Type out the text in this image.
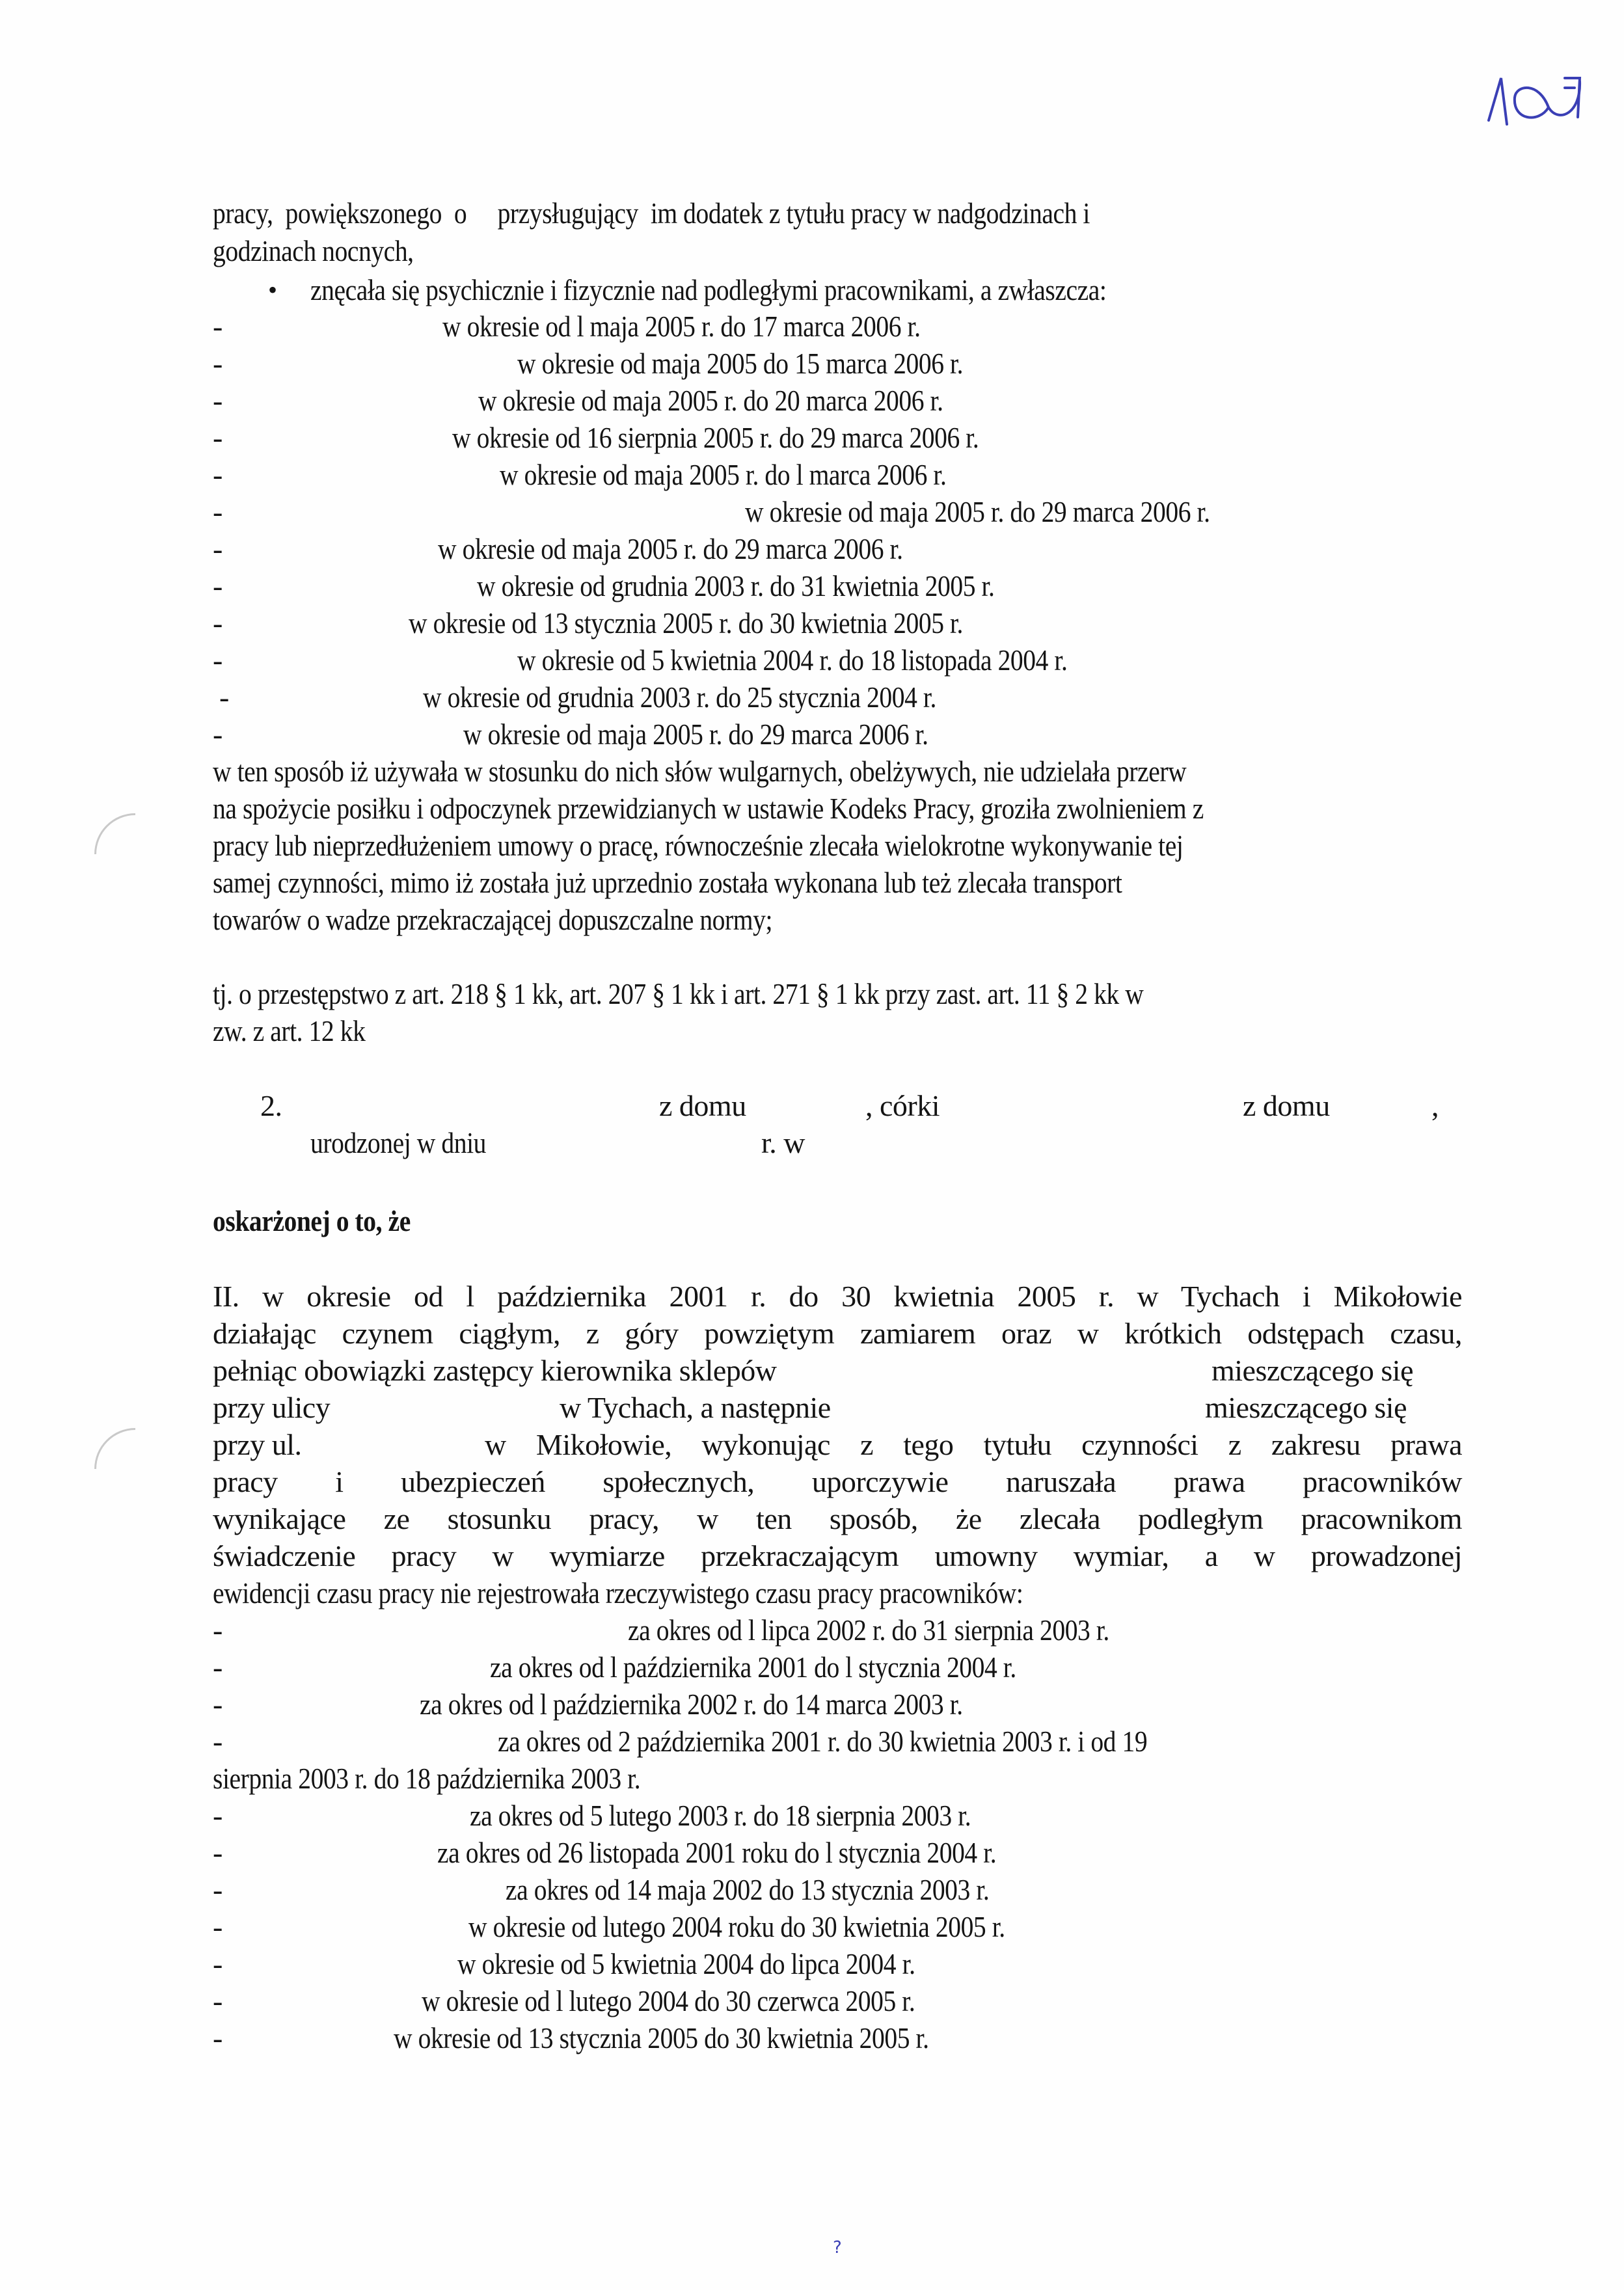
pracy,  powiększonego  o     przysługujący  im dodatek z tytułu pracy w nadgodzinach i
godzinach nocnych,
• znęcała się psychicznie i fizycznie nad podległymi pracownikami, a zwłaszcza:
-	w okresie od l maja 2005 r. do 17 marca 2006 r.
-	w okresie od maja 2005 do 15 marca 2006 r.
-	w okresie od maja 2005 r. do 20 marca 2006 r.
-	w okresie od 16 sierpnia 2005 r. do 29 marca 2006 r.
-	w okresie od maja 2005 r. do l marca 2006 r.
-	w okresie od maja 2005 r. do 29 marca 2006 r.
-	w okresie od maja 2005 r. do 29 marca 2006 r.
-	w okresie od grudnia 2003 r. do 31 kwietnia 2005 r.
-	w okresie od 13 stycznia 2005 r. do 30 kwietnia 2005 r.
-	w okresie od 5 kwietnia 2004 r. do 18 listopada 2004 r.
-	w okresie od grudnia 2003 r. do 25 stycznia 2004 r.
-	w okresie od maja 2005 r. do 29 marca 2006 r.
w ten sposób iż używała w stosunku do nich słów wulgarnych, obelżywych, nie udzielała przerw
na spożycie posiłku i odpoczynek przewidzianych w ustawie Kodeks Pracy, groziła zwolnieniem z
pracy lub nieprzedłużeniem umowy o pracę, równocześnie zlecała wielokrotne wykonywanie tej
samej czynności, mimo iż została już uprzednio została wykonana lub też zlecała transport
towarów o wadze przekraczającej dopuszczalne normy;
tj. o przestępstwo z art. 218 § 1 kk, art. 207 § 1 kk i art. 271 § 1 kk przy zast. art. 11 § 2 kk w
zw. z art. 12 kk
2.	z domu	, córki	z domu	,
urodzonej w dniu	r. w
oskarżonej o to, że
II. w okresie od l października 2001 r. do 30 kwietnia 2005 r. w Tychach i Mikołowie
działając czynem ciągłym, z góry powziętym zamiarem oraz w krótkich odstępach czasu,
pełniąc obowiązki zastępcy kierownika sklepów	mieszczącego się
przy ulicy	w Tychach, a następnie	mieszczącego się
przy ul.	w Mikołowie, wykonując z tego tytułu czynności z zakresu prawa
pracy i ubezpieczeń społecznych, uporczywie naruszała prawa pracowników
wynikające ze stosunku pracy, w ten sposób, że zlecała podległym pracownikom
świadczenie pracy w wymiarze przekraczającym umowny wymiar, a w prowadzonej
ewidencji czasu pracy nie rejestrowała rzeczywistego czasu pracy pracowników:
-	za okres od l lipca 2002 r. do 31 sierpnia 2003 r.
-	za okres od l października 2001 do l stycznia 2004 r.
-	za okres od l października 2002 r. do 14 marca 2003 r.
-	za okres od 2 października 2001 r. do 30 kwietnia 2003 r. i od 19
sierpnia 2003 r. do 18 października 2003 r.
-	za okres od 5 lutego 2003 r. do 18 sierpnia 2003 r.
-	za okres od 26 listopada 2001 roku do l stycznia 2004 r.
-	za okres od 14 maja 2002 do 13 stycznia 2003 r.
-	w okresie od lutego 2004 roku do 30 kwietnia 2005 r.
-	w okresie od 5 kwietnia 2004 do lipca 2004 r.
-	w okresie od l lutego 2004 do 30 czerwca 2005 r.
-	w okresie od 13 stycznia 2005 do 30 kwietnia 2005 r.
?
